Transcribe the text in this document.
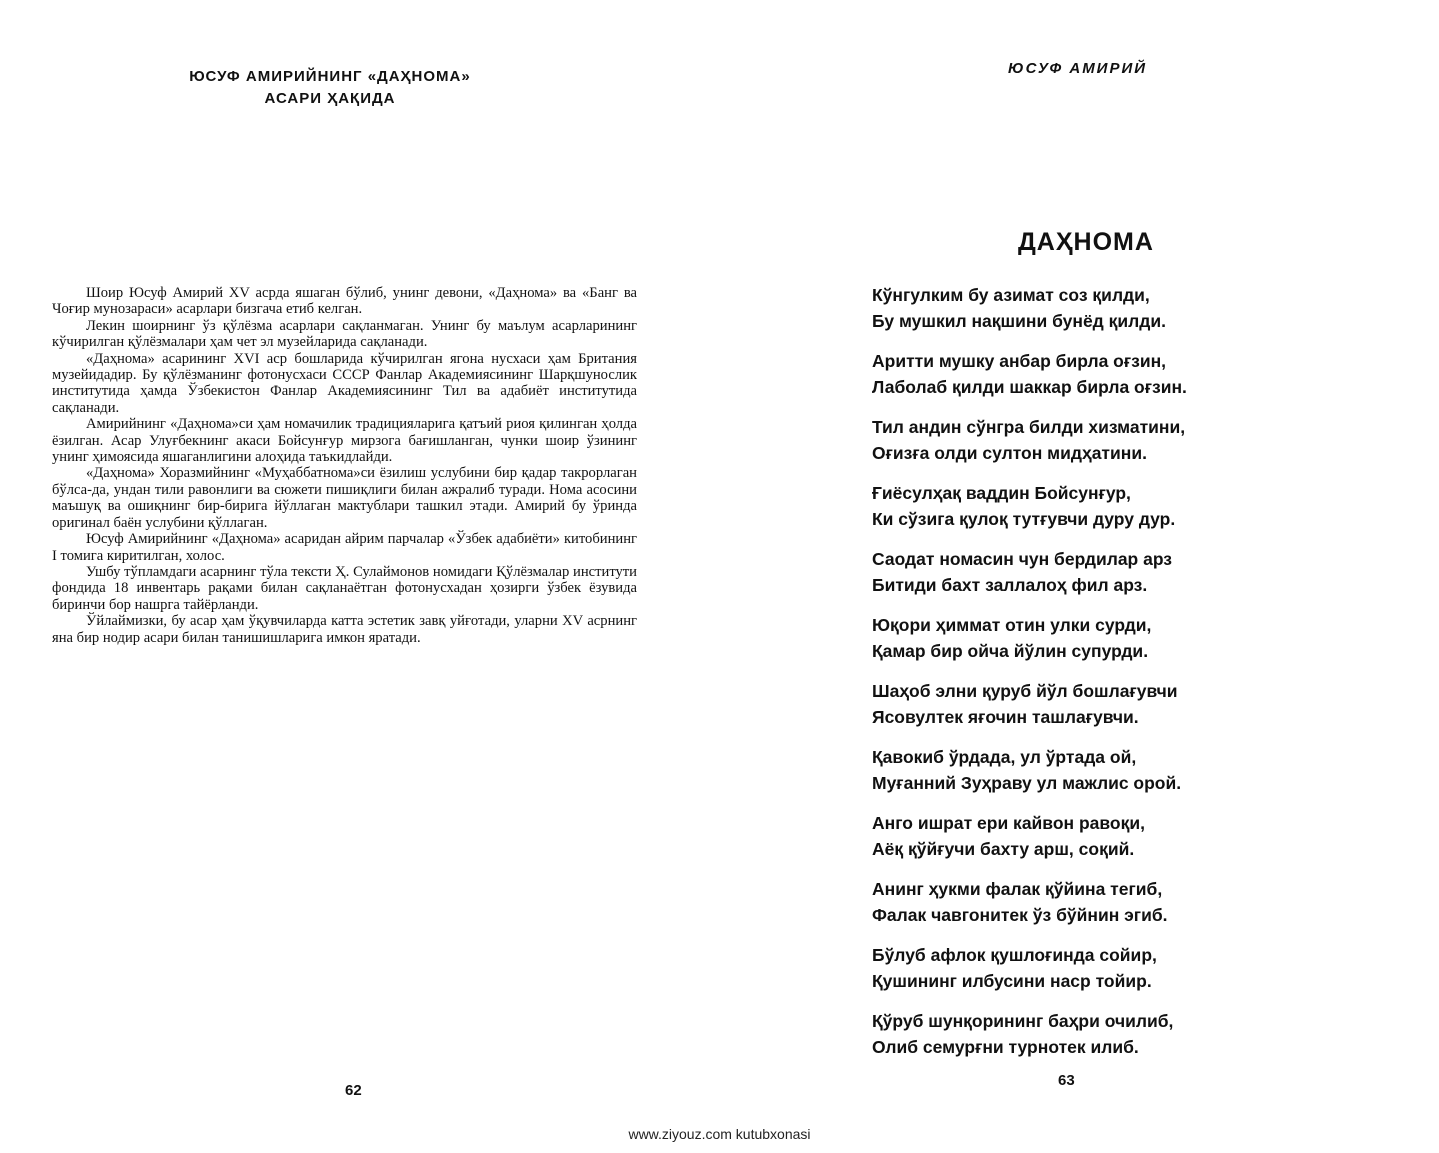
ЮСУФ АМИРИЙНИНГ «ДАҲНОМА»
АСАРИ ҲАҚИДА

Шоир Юсуф Амирий XV асрда яшаган бўлиб, унинг девони, «Даҳнома» ва «Банг ва Чоғир мунозараси» асарлари бизгача етиб келган.

Лекин шоирнинг ўз қўлёзма асарлари сақланмаган. Унинг бу маълум асарларининг кўчирилган қўлёзмалари ҳам чет эл музейларида сақланади.

«Даҳнома» асарининг XVI аср бошларида кўчирилган ягона нусхаси ҳам Британия музейидадир. Бу қўлёзманинг фотонусхаси СССР Фанлар Академиясининг Шарқшунослик институтида ҳамда Ўзбекистон Фанлар Академиясининг Тил ва адабиёт институтида сақланади.

Амирийнинг «Даҳнома»си ҳам номачилик традицияларига қатъий риоя қилинган ҳолда ёзилган. Асар Улуғбекнинг акаси Бойсунғур мирзога бағишланган, чунки шоир ўзининг унинг ҳимоясида яшаганлигини алоҳида таъкидлайди.

«Даҳнома» Хоразмийнинг «Муҳаббатнома»си ёзилиш услубини бир қадар такрорлаган бўлса-да, ундан тили равонлиги ва сюжети пишиқлиги билан ажралиб туради. Нома асосини маъшуқ ва ошиқнинг бир-бирига йўллаган мактублари ташкил этади. Амирий бу ўринда оригинал баён услубини қўллаган.

Юсуф Амирийнинг «Даҳнома» асаридан айрим парчалар «Ўзбек адабиёти» китобининг I томига киритилган, холос.

Ушбу тўпламдаги асарнинг тўла тексти Ҳ. Сулаймонов номидаги Қўлёзмалар институти фондида 18 инвентарь рақами билан сақланаётган фотонусхадан ҳозирги ўзбек ёзувида биринчи бор нашрга тайёрланди.

Ўйлаймизки, бу асар ҳам ўқувчиларда катта эстетик завқ уйғотади, уларни XV асрнинг яна бир нодир асари билан танишишларига имкон яратади.

62
ЮСУФ АМИРИЙ
ДАҲНОМА
Кўнгулким бу азимат соз қилди,
Бу мушкил нақшини бунёд қилди.
Аритти мушку анбар бирла оғзин,
Лаболаб қилди шаккар бирла оғзин.
Тил андин сўнгра билди хизматини,
Оғизға олди султон мидҳатини.
Ғиёсулҳақ ваддин Бойсунғур,
Ки сўзига қулоқ тутғувчи дуру дур.
Саодат номасин чун бердилар арз
Битиди бахт заллалоҳ фил арз.
Юқори ҳиммат отин улки сурди,
Қамар бир ойча йўлин супурди.
Шаҳоб элни қуруб йўл бошлағувчи
Ясовултек яғочин ташлағувчи.
Қавокиб ўрдада, ул ўртада ой,
Муғанний Зуҳраву ул мажлис орой.
Анго ишрат ери кайвон равоқи,
Аёқ қўйғучи бахту арш, соқий.
Анинг ҳукми фалак қўйина тегиб,
Фалак чавгонитек ўз бўйнин эгиб.
Бўлуб афлок қушлоғинда сойир,
Қушининг илбусини наср тойир.
Қўруб шунқорининг баҳри очилиб,
Олиб семурғни турнотек илиб.
63
www.ziyouz.com kutubxonasi
